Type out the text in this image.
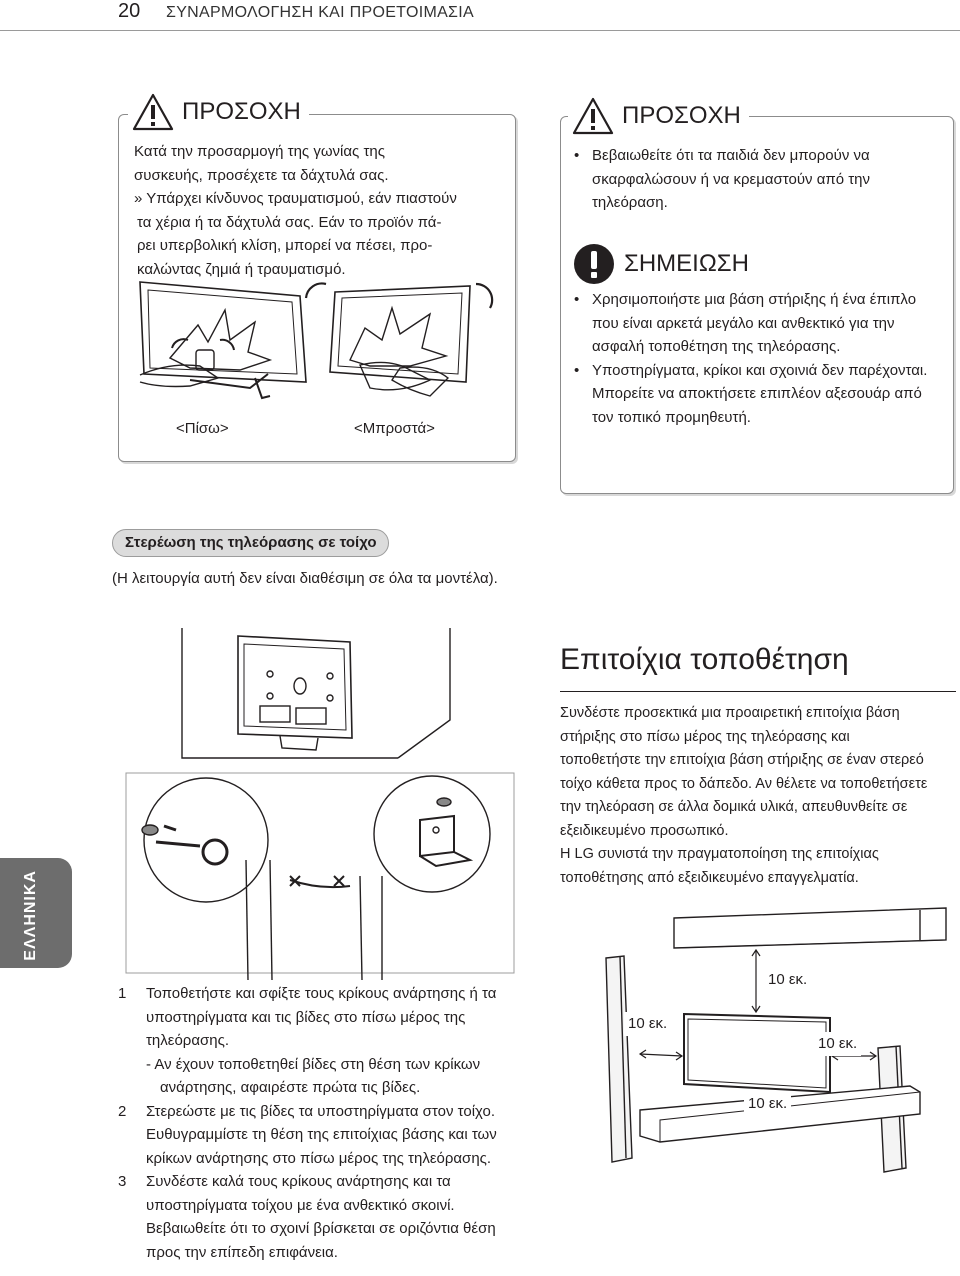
20 ΣΥΝΑΡΜΟΛΟΓΗΣΗ ΚΑΙ ΠΡΟΕΤΟΙΜΑΣΙΑ
ΠΡΟΣΟΧΗ
Κατά την προσαρμογή της γωνίας της
συσκευής, προσέχετε τα δάχτυλά σας.
» Υπάρχει κίνδυνος τραυματισμού, εάν πιαστούν
τα χέρια ή τα δάχτυλά σας. Εάν το προϊόν πά-
ρει υπερβολική κλίση, μπορεί να πέσει, προ-
καλώντας ζημιά ή τραυματισμό.
<Πίσω>	<Μπροστά>
ΠΡΟΣΟΧΗ
• Βεβαιωθείτε ότι τα παιδιά δεν μπορούν να σκαρφαλώσουν ή να κρεμαστούν από την τηλεόραση.
ΣΗΜΕΙΩΣΗ
• Χρησιμοποιήστε μια βάση στήριξης ή ένα έπιπλο που είναι αρκετά μεγάλο και ανθεκτικό για την ασφαλή τοποθέτηση της τηλεόρασης.
• Υποστηρίγματα, κρίκοι και σχοινιά δεν παρέχονται. Μπορείτε να αποκτήσετε επιπλέον αξεσουάρ από τον τοπικό προμηθευτή.
Στερέωση της τηλεόρασης σε τοίχο
(Η λειτουργία αυτή δεν είναι διαθέσιμη σε όλα τα μοντέλα).
ΕΛΛΗΝΙΚΑ
1 Τοποθετήστε και σφίξτε τους κρίκους ανάρτησης ή τα υποστηρίγματα και τις βίδες στο πίσω μέρος της τηλεόρασης.
- Αν έχουν τοποθετηθεί βίδες στη θέση των κρίκων ανάρτησης, αφαιρέστε πρώτα τις βίδες.
2 Στερεώστε με τις βίδες τα υποστηρίγματα στον τοίχο.
Ευθυγραμμίστε τη θέση της επιτοίχιας βάσης και των κρίκων ανάρτησης στο πίσω μέρος της τηλεόρασης.
3 Συνδέστε καλά τους κρίκους ανάρτησης και τα υποστηρίγματα τοίχου με ένα ανθεκτικό σκοινί.
Βεβαιωθείτε ότι το σχοινί βρίσκεται σε οριζόντια θέση προς την επίπεδη επιφάνεια.
Επιτοίχια τοποθέτηση
Συνδέστε προσεκτικά μια προαιρετική επιτοίχια βάση στήριξης στο πίσω μέρος της τηλεόρασης και τοποθετήστε την επιτοίχια βάση στήριξης σε έναν στερεό τοίχο κάθετα προς το δάπεδο. Αν θέλετε να τοποθετήσετε την τηλεόραση σε άλλα δομικά υλικά, απευθυνθείτε σε εξειδικευμένο προσωπικό.
Η LG συνιστά την πραγματοποίηση της επιτοίχιας τοποθέτησης από εξειδικευμένο επαγγελματία.
10 εκ.
10 εκ.
10 εκ.
10 εκ.
